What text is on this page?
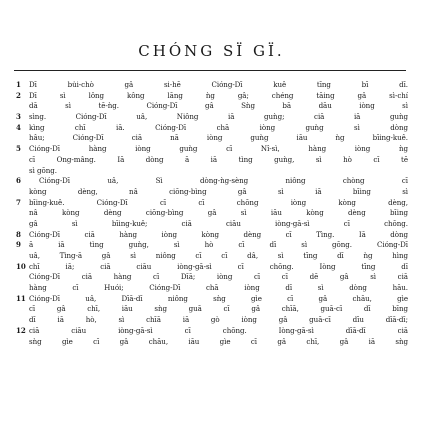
CHÓNG SÏ GÏ.
1	Dī bu̍i-chò gâ si-hē Cióng-Dī kuê tīng bī dī.
2	Dī sì lông kông lāng ǹg gâ; chéng tāing gâ sì-chí
dā sì tē-ǹg. Cióng-Dī gâ Sǹg bā dāu iòng sì
3	sìng. Cióng-Dī uâ, Niông iā guǹg; ciā iā guǹg
4	kìng chī iā. Cióng-Dī chā iòng guǹg sì dòng
hâu; Cióng-Dī ciā nā iòng guǹg iāu ǹg bīing-kuê.
5	Cióng-Dī hàng iòng guǹg cī Nî-sì, hàng iòng ǹg
cī Ong-mâng. Iā dòng ā iā tìng guǹg, sì hò cī tē
sì gōng.
6	Cióng-Dī uâ, Sì dòng-ǹg-sèng niông chòng cī
kòng dèng, nâ ciōng-bìng gâ sì iā bīing sì
7	bīing-kuê. Cióng-Dī cī cī chōng iòng kòng dèng,
nâ kòng dèng ciōng-bìng gâ sì iāu kòng dèng bīing
gâ sì bīing-kuê; ciā ciāu iòng-gā-sì cī chōng.
8	Cióng-Dī ciā hàng iòng kòng dèng cī Tìng. Iā dòng
9	ā iā tìng guǹg, sì hò cī dī sì gōng. Cióng-Dī
uâ, Tìng-ā gâ sì niông cī cī dâ, sì tīng dī ǹg hìng
10 chī iā; ciā ciāu iòng-gā-sì cī chōng. Iòng tīng dī
Cióng-Dī ciā hàng cī Dīā; iòng cī cī dē gâ sì ciā
hàng cī Huói; Cióng-Dī chā iòng dī sì dòng hāu.
11 Cióng-Dī uâ, Dīā-dī niông sǹg gìe cī gâ chāu, gìe
cī gâ chī, iāu sǹg guā cī gâ chīā, guā-cī dī bīng
dī iā hò, sì chīā iā gò iòng gâ guā-cī dīu dīā-dī;
12 ciā ciāu iòng-gā-sì cī chōng. Iòng-gā-sì dīā-dī ciā
sǹg gìe cī gâ chāu, iāu gìe cī gâ chī, gâ iā sǹg
